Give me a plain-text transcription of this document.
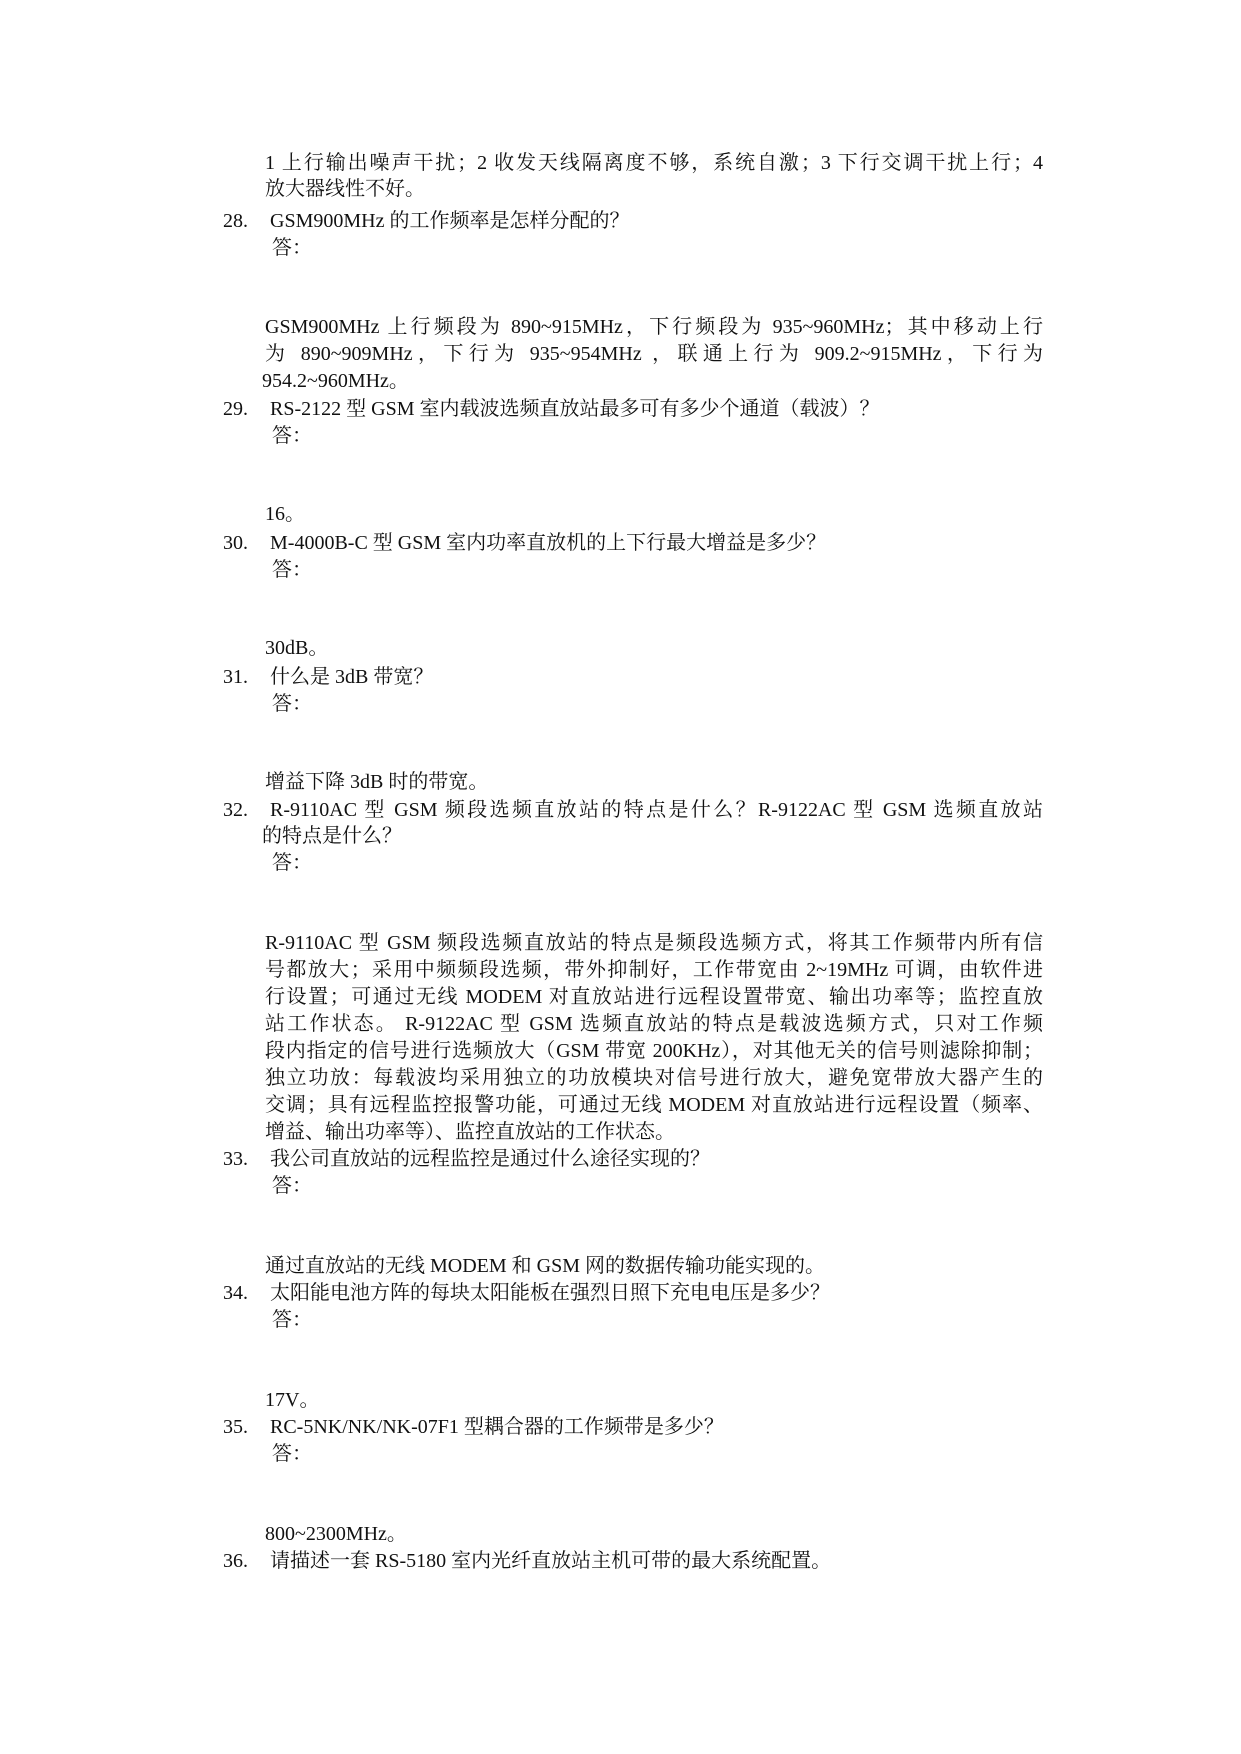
1 上行输出噪声干扰；2 收发天线隔离度不够，系统自激；3 下行交调干扰上行；4
放大器线性不好。
28.	GSM900MHz 的工作频率是怎样分配的？
答：
GSM900MHz 上行频段为 890~915MHz，下行频段为 935~960MHz；其中移动上行
为 890~909MHz，下行为 935~954MHz ，联通上行为 909.2~915MHz，下行为
954.2~960MHz。
29.	RS-2122 型 GSM 室内载波选频直放站最多可有多少个通道（载波）？
答：
16。
30.	M-4000B-C 型 GSM 室内功率直放机的上下行最大增益是多少？
答：
30dB。
31.	什么是 3dB 带宽？
答：
增益下降 3dB 时的带宽。
32.	R-9110AC 型 GSM 频段选频直放站的特点是什么？R-9122AC 型 GSM 选频直放站
的特点是什么？
答：
R-9110AC 型 GSM 频段选频直放站的特点是频段选频方式，将其工作频带内所有信
号都放大；采用中频频段选频，带外抑制好，工作带宽由 2~19MHz 可调，由软件进
行设置；可通过无线 MODEM 对直放站进行远程设置带宽、输出功率等；监控直放
站工作状态。 R-9122AC 型 GSM 选频直放站的特点是载波选频方式，只对工作频
段内指定的信号进行选频放大（GSM 带宽 200KHz），对其他无关的信号则滤除抑制；
独立功放：每载波均采用独立的功放模块对信号进行放大，避免宽带放大器产生的
交调；具有远程监控报警功能，可通过无线 MODEM 对直放站进行远程设置（频率、
增益、输出功率等）、监控直放站的工作状态。
33.	我公司直放站的远程监控是通过什么途径实现的？
答：
通过直放站的无线 MODEM 和 GSM 网的数据传输功能实现的。
34.	太阳能电池方阵的每块太阳能板在强烈日照下充电电压是多少？
答：
17V。
35.	RC-5NK/NK/NK-07F1 型耦合器的工作频带是多少？
答：
800~2300MHz。
36.	请描述一套 RS-5180 室内光纤直放站主机可带的最大系统配置。
